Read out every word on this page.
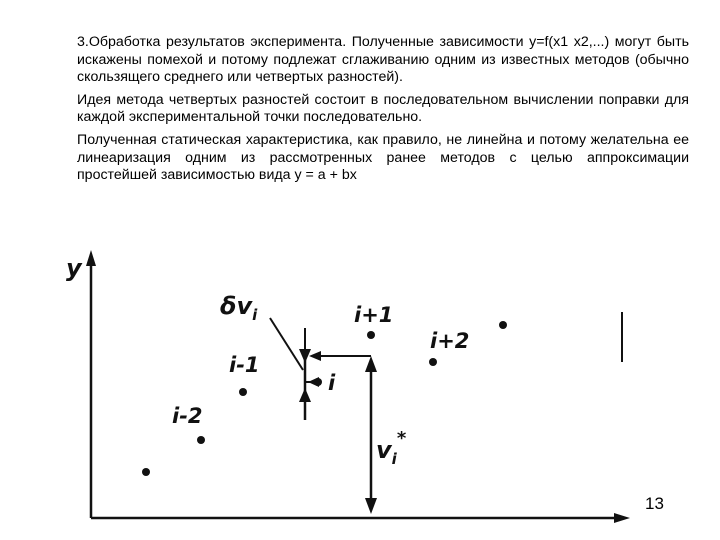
3.Обработка результатов эксперимента. Полученные зависимости y=f(x1 x2,...) могут быть искажены помехой и потому подлежат сглаживанию одним из известных методов (обычно скользящего среднего или четвертых разностей).

Идея метода четвертых разностей состоит в последовательном вычислении поправки для каждой экспериментальной точки последовательно.

Полученная статическая характеристика, как правило, не линейна и потому желательна ее линеаризация одним из рассмотренных ранее методов с целью аппроксимации простейшей зависимостью вида y = a + bx

y
i-2
i-1
i
i+1
i+2
$\delta v_i$
$v_i^*$
13
